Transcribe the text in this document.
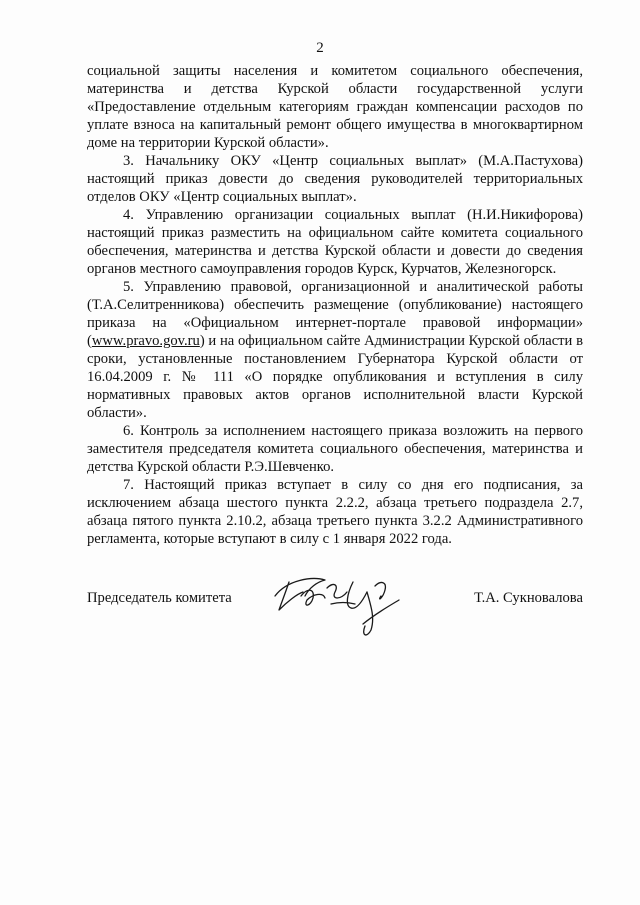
2

социальной защиты населения и комитетом социального обеспечения, материнства и детства Курской области государственной услуги «Предоставление отдельным категориям граждан компенсации расходов по уплате взноса на капитальный ремонт общего имущества в многоквартирном доме на территории Курской области».

3. Начальнику ОКУ «Центр социальных выплат» (М.А.Пастухова) настоящий приказ довести до сведения руководителей территориальных отделов ОКУ «Центр социальных выплат».

4. Управлению организации социальных выплат (Н.И.Никифорова) настоящий приказ разместить на официальном сайте комитета социального обеспечения, материнства и детства Курской области и довести до сведения органов местного самоуправления городов Курск, Курчатов, Железногорск.

5. Управлению правовой, организационной и аналитической работы (Т.А.Селитренникова) обеспечить размещение (опубликование) настоящего приказа на «Официальном интернет-портале правовой информации» (www.pravo.gov.ru) и на официальном сайте Администрации Курской области в сроки, установленные постановлением Губернатора Курской области от 16.04.2009 г. № 111 «О порядке опубликования и вступления в силу нормативных правовых актов органов исполнительной власти Курской области».

6. Контроль за исполнением настоящего приказа возложить на первого заместителя председателя комитета социального обеспечения, материнства и детства Курской области Р.Э.Шевченко.

7. Настоящий приказ вступает в силу со дня его подписания, за исключением абзаца шестого пункта 2.2.2, абзаца третьего подраздела 2.7, абзаца пятого пункта 2.10.2, абзаца третьего пункта 3.2.2 Административного регламента, которые вступают в силу с 1 января 2022 года.

Председатель комитета	Т.А. Сукновалова
